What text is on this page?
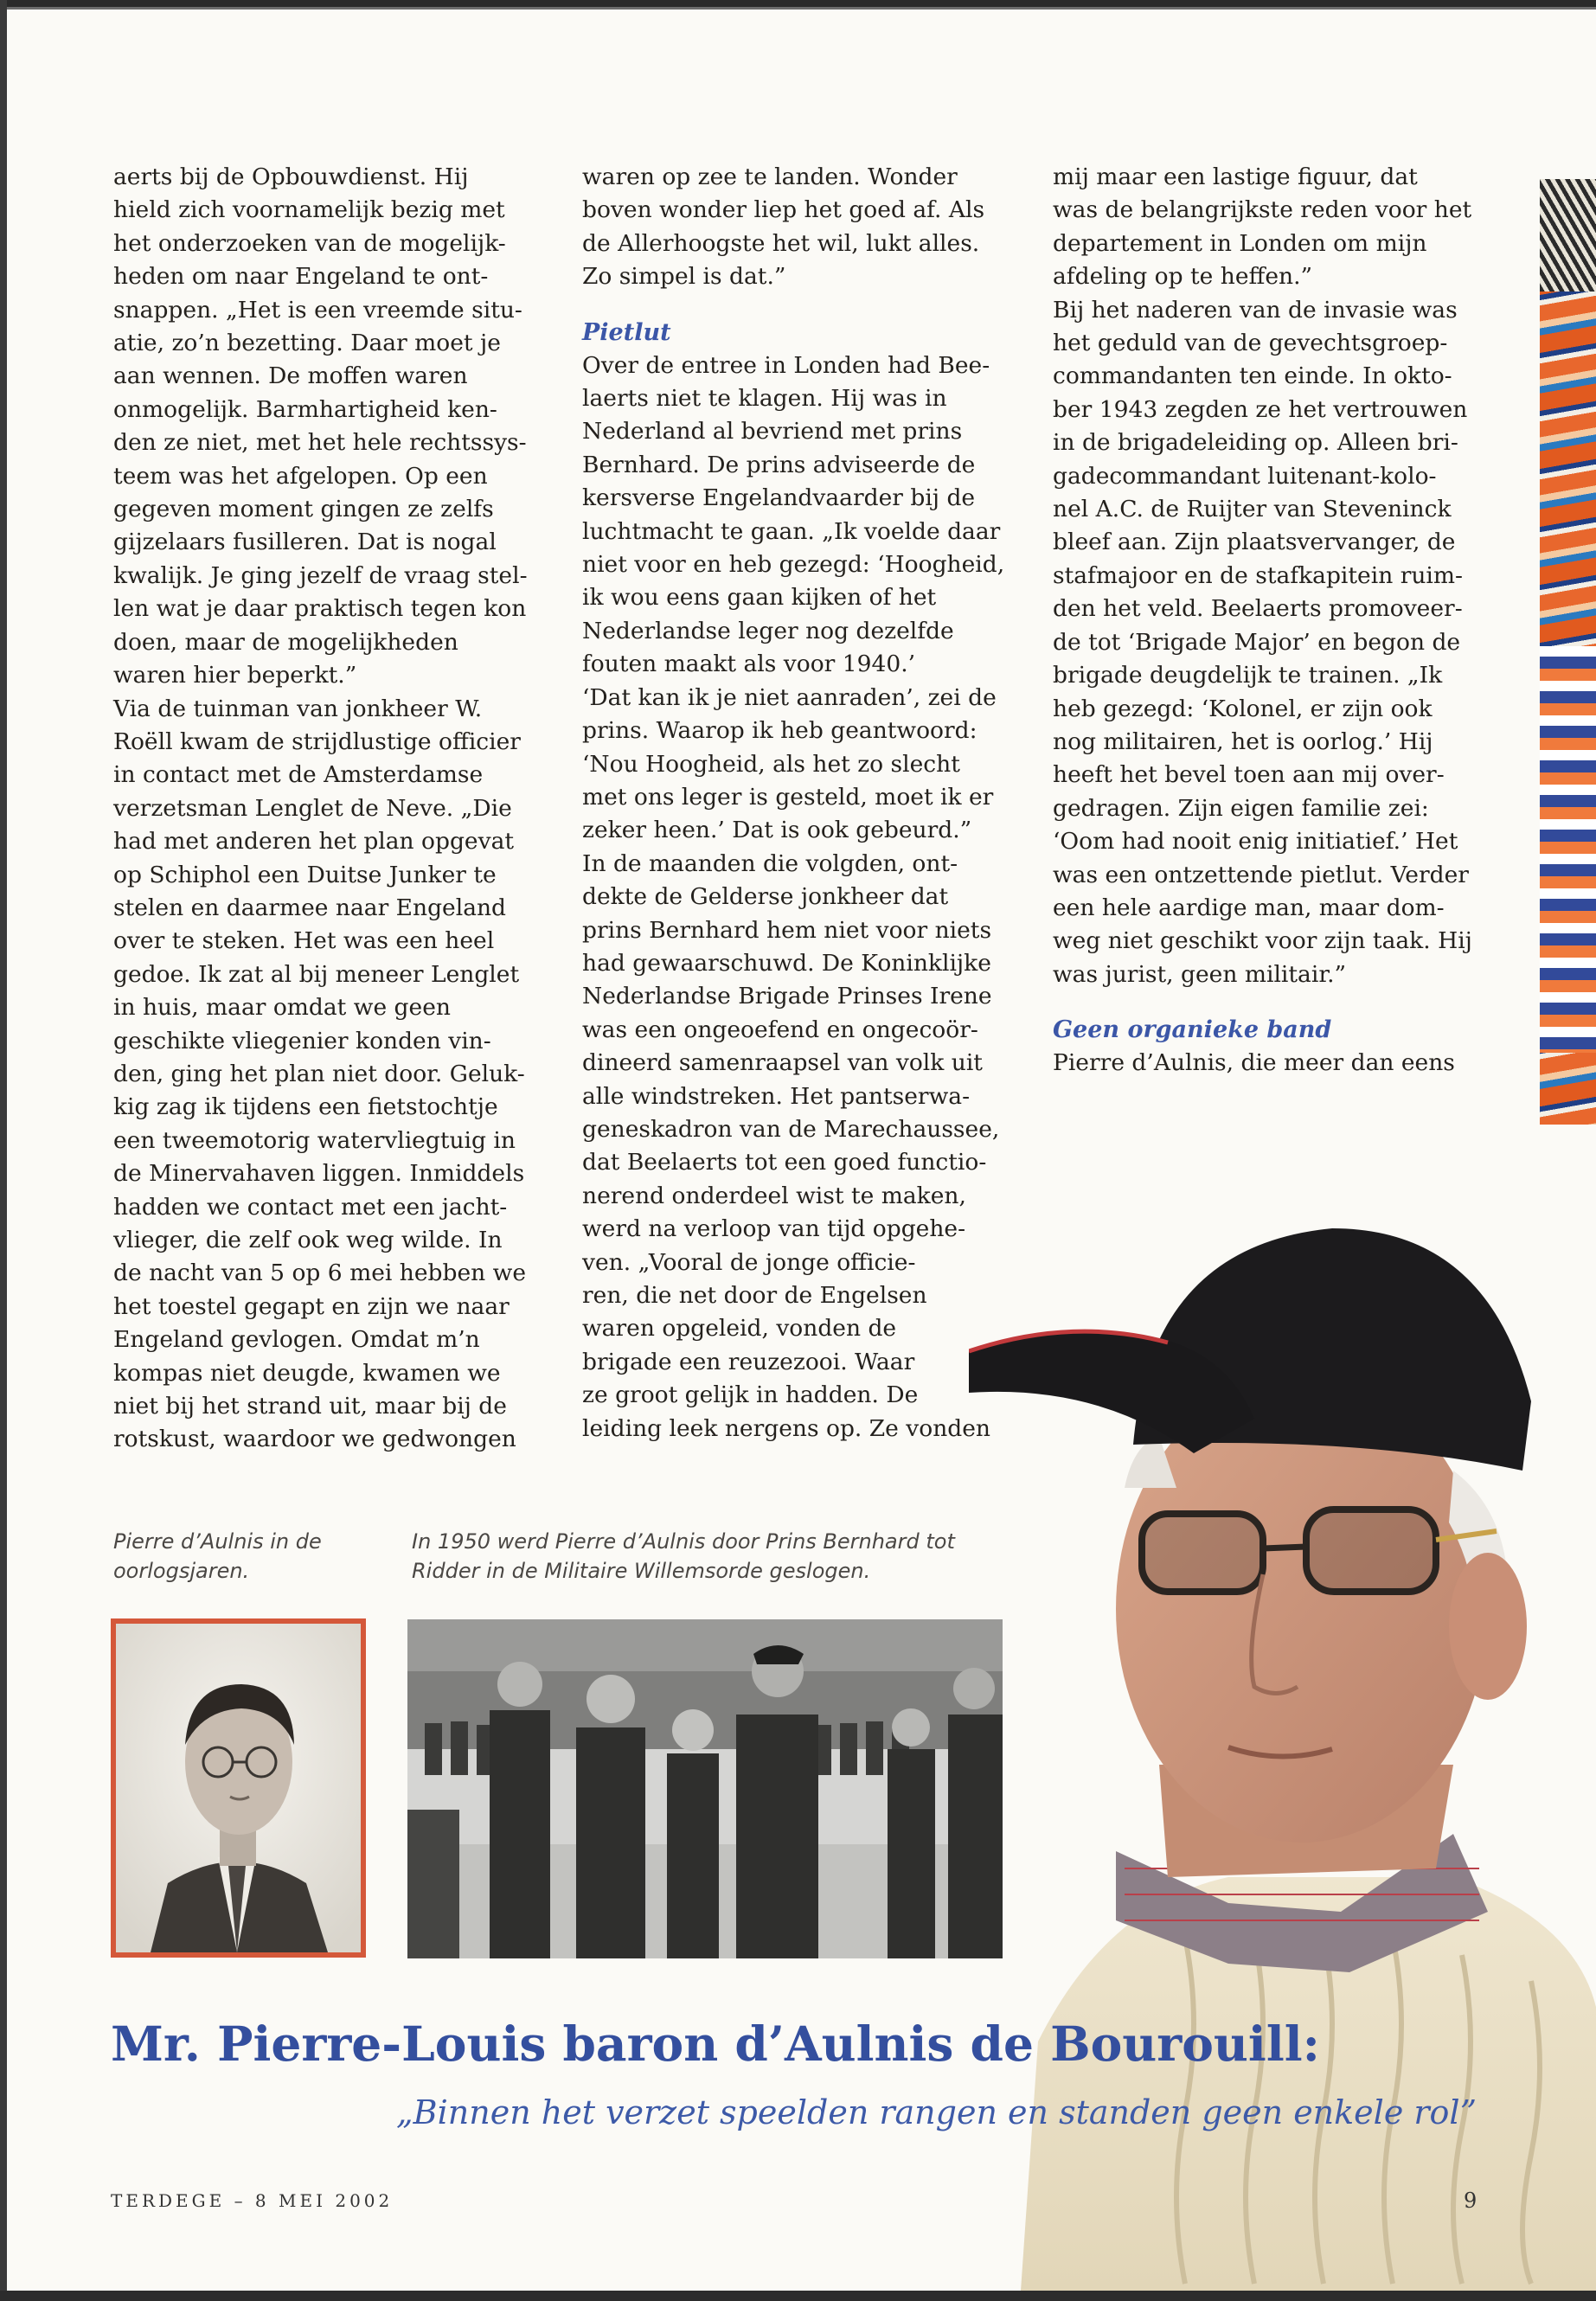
aerts bij de Opbouwdienst. Hij
hield zich voornamelijk bezig met
het onderzoeken van de mogelijk-
heden om naar Engeland te ont-
snappen. „Het is een vreemde situ-
atie, zo’n bezetting. Daar moet je
aan wennen. De moffen waren
onmogelijk. Barmhartigheid ken-
den ze niet, met het hele rechtssys-
teem was het afgelopen. Op een
gegeven moment gingen ze zelfs
gijzelaars fusilleren. Dat is nogal
kwalijk. Je ging jezelf de vraag stel-
len wat je daar praktisch tegen kon
doen, maar de mogelijkheden
waren hier beperkt.”

Via de tuinman van jonkheer W.
Roëll kwam de strijdlustige officier
in contact met de Amsterdamse
verzetsman Lenglet de Neve. „Die
had met anderen het plan opgevat
op Schiphol een Duitse Junker te
stelen en daarmee naar Engeland
over te steken. Het was een heel
gedoe. Ik zat al bij meneer Lenglet
in huis, maar omdat we geen
geschikte vliegenier konden vin-
den, ging het plan niet door. Geluk-
kig zag ik tijdens een fietstochtje
een tweemotorig watervliegtuig in
de Minervahaven liggen. Inmiddels
hadden we contact met een jacht-
vlieger, die zelf ook weg wilde. In
de nacht van 5 op 6 mei hebben we
het toestel gegapt en zijn we naar
Engeland gevlogen. Omdat m’n
kompas niet deugde, kwamen we
niet bij het strand uit, maar bij de
rotskust, waardoor we gedwongen

waren op zee te landen. Wonder
boven wonder liep het goed af. Als
de Allerhoogste het wil, lukt alles.
Zo simpel is dat.”

Pietlut

Over de entree in Londen had Bee-
laerts niet te klagen. Hij was in
Nederland al bevriend met prins
Bernhard. De prins adviseerde de
kersverse Engelandvaarder bij de
luchtmacht te gaan. „Ik voelde daar
niet voor en heb gezegd: ‘Hoogheid,
ik wou eens gaan kijken of het
Nederlandse leger nog dezelfde
fouten maakt als voor 1940.’
‘Dat kan ik je niet aanraden’, zei de
prins. Waarop ik heb geantwoord:
‘Nou Hoogheid, als het zo slecht
met ons leger is gesteld, moet ik er
zeker heen.’ Dat is ook gebeurd.”

In de maanden die volgden, ont-
dekte de Gelderse jonkheer dat
prins Bernhard hem niet voor niets
had gewaarschuwd. De Koninklijke
Nederlandse Brigade Prinses Irene
was een ongeoefend en ongecoör-
dineerd samenraapsel van volk uit
alle windstreken. Het pantserwa-
geneskadron van de Marechaussee,
dat Beelaerts tot een goed functio-
nerend onderdeel wist te maken,
werd na verloop van tijd opgehe-
ven. „Vooral de jonge officie-
ren, die net door de Engelsen
waren opgeleid, vonden de
brigade een reuzezooi. Waar
ze groot gelijk in hadden. De
leiding leek nergens op. Ze vonden

mij maar een lastige figuur, dat
was de belangrijkste reden voor het
departement in Londen om mijn
afdeling op te heffen.”

Bij het naderen van de invasie was
het geduld van de gevechtsgroep-
commandanten ten einde. In okto-
ber 1943 zegden ze het vertrouwen
in de brigadeleiding op. Alleen bri-
gadecommandant luitenant-kolo-
nel A.C. de Ruijter van Steveninck
bleef aan. Zijn plaatsvervanger, de
stafmajoor en de stafkapitein ruim-
den het veld. Beelaerts promoveer-
de tot ‘Brigade Major’ en begon de
brigade deugdelijk te trainen. „Ik
heb gezegd: ‘Kolonel, er zijn ook
nog militairen, het is oorlog.’ Hij
heeft het bevel toen aan mij over-
gedragen. Zijn eigen familie zei:
‘Oom had nooit enig initiatief.’ Het
was een ontzettende pietlut. Verder
een hele aardige man, maar dom-
weg niet geschikt voor zijn taak. Hij
was jurist, geen militair.”

Geen organieke band

Pierre d’Aulnis, die meer dan eens

Pierre d’Aulnis in de
oorlogsjaren.

In 1950 werd Pierre d’Aulnis door Prins Bernhard tot
Ridder in de Militaire Willemsorde geslogen.

Mr. Pierre-Louis baron d’Aulnis de Bourouill:

„Binnen het verzet speelden rangen en standen geen enkele rol”

TERDEGE – 8 MEI 2002	9
